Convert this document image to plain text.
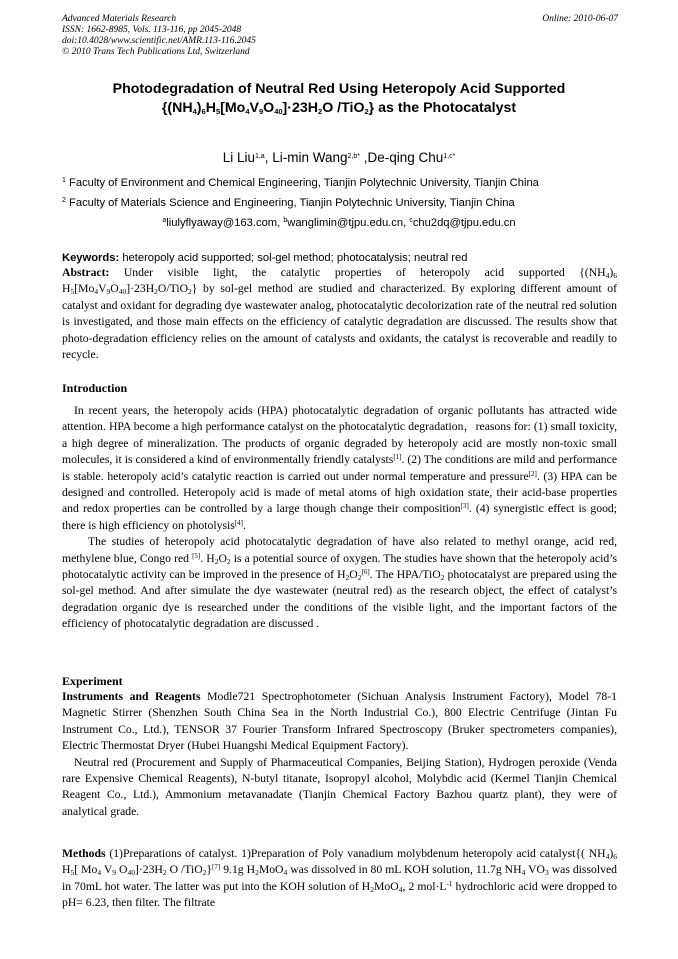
Advanced Materials Research
ISSN: 1662-8985, Vols. 113-116, pp 2045-2048
doi:10.4028/www.scientific.net/AMR.113-116.2045
© 2010 Trans Tech Publications Ltd, Switzerland
Online: 2010-06-07
Photodegradation of Neutral Red Using Heteropoly Acid Supported
{$(NH_4)_6H_5[Mo_4V_9O_{40}]\cdot 23H_2O$ /TiO$_2$} as the Photocatalyst
Li Liu$^{1,a}$, Li-min Wang$^{2,b*}$ ,De-qing Chu$^{1,c*}$
$^1$ Faculty of Environment and Chemical Engineering, Tianjin Polytechnic University, Tianjin China
$^2$ Faculty of Materials Science and Engineering, Tianjin Polytechnic University, Tianjin China
$^a$liulyflyaway@163.com, $^b$wanglimin@tjpu.edu.cn, $^c$chu2dq@tjpu.edu.cn
Keywords: heteropoly acid supported; sol-gel method; photocatalysis; neutral red
Abstract: Under visible light, the catalytic properties of heteropoly acid supported {$(NH_4)_6$ $H_5[Mo_4V_9O_{40}]\cdot 23H_2O/TiO_2$} by sol-gel method are studied and characterized. By exploring different amount of catalyst and oxidant for degrading dye wastewater analog, photocatalytic decolorization rate of the neutral red solution is investigated, and those main effects on the efficiency of catalytic degradation are discussed. The results show that photo-degradation efficiency relies on the amount of catalysts and oxidants, the catalyst is recoverable and readily to recycle.
Introduction

In recent years, the heteropoly acids (HPA) photocatalytic degradation of organic pollutants has attracted wide attention. HPA become a high performance catalyst on the photocatalytic degradation，reasons for: (1) small toxicity, a high degree of mineralization. The products of organic degraded by heteropoly acid are mostly non-toxic small molecules, it is considered a kind of environmentally friendly catalysts[1]. (2) The conditions are mild and performance is stable. heteropoly acid’s catalytic reaction is carried out under normal temperature and pressure[2]. (3) HPA can be designed and controlled. Heteropoly acid is made of metal atoms of high oxidation state, their acid-base properties and redox properties can be controlled by a large though change their composition[3]. (4) synergistic effect is good; there is high efficiency on photolysis[4].

The studies of heteropoly acid photocatalytic degradation of have also related to methyl orange, acid red, methylene blue, Congo red [5]. $H_2O_2$ is a potential source of oxygen. The studies have shown that the heteropoly acid’s photocatalytic activity can be improved in the presence of $H_2O_2[6]$. The HPA/TiO$_2$ photocatalyst are prepared using the sol-gel method. And after simulate the dye wastewater (neutral red) as the research object, the effect of catalyst’s degradation organic dye is researched under the conditions of the visible light, and the important factors of the efficiency of photocatalytic degradation are discussed .

Experiment

Instruments and Reagents Modle721 Spectrophotometer (Sichuan Analysis Instrument Factory), Model 78-1 Magnetic Stirrer (Shenzhen South China Sea in the North Industrial Co.), 800 Electric Centrifuge (Jintan Fu Instrument Co., Ltd.), TENSOR 37 Fourier Transform Infrared Spectroscopy (Bruker spectrometers companies), Electric Thermostat Dryer (Hubei Huangshi Medical Equipment Factory).

Neutral red (Procurement and Supply of Pharmaceutical Companies, Beijing Station), Hydrogen peroxide (Venda rare Expensive Chemical Reagents), N-butyl titanate, Isopropyl alcohol, Molybdic acid (Kermel Tianjin Chemical Reagent Co., Ltd.), Ammonium metavanadate (Tianjin Chemical Factory Bazhou quartz plant), they were of analytical grade.

Methods (1)Preparations of catalyst. 1)Preparation of Poly vanadium molybdenum heteropoly acid catalyst{( $NH_4)_6$ $H_5$[ $Mo_4$ $V_9$ $O_{40}]\cdot 23H_2$ O /TiO$_2$}[7] 9.1g $H_2MoO_4$ was dissolved in 80 mL KOH solution, 11.7g $NH_4$ $VO_3$ was dissolved in 70mL hot water. The latter was put into the KOH solution of $H_2MoO_4$, 2 $mol\cdot L^{-1}$ hydrochloric acid were dropped to pH= 6.23, then filter. The filtrate
